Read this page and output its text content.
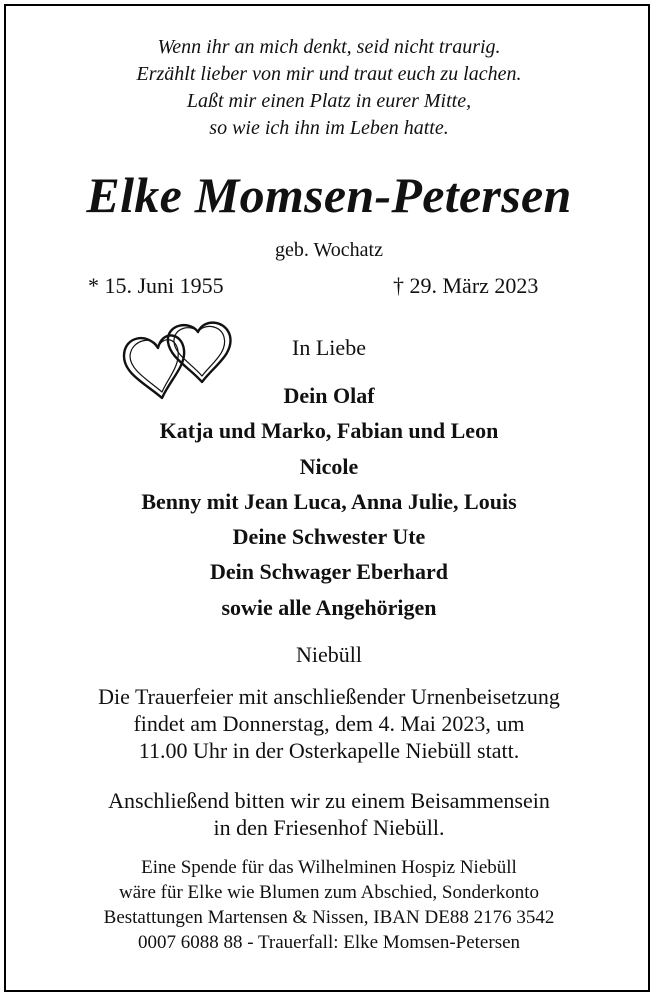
Wenn ihr an mich denkt, seid nicht traurig.
Erzählt lieber von mir und traut euch zu lachen.
Laßt mir einen Platz in eurer Mitte,
so wie ich ihn im Leben hatte.
Elke Momsen-Petersen
geb. Wochatz
* 15. Juni 1955	† 29. März 2023
In Liebe
Dein Olaf
Katja und Marko, Fabian und Leon
Nicole
Benny mit Jean Luca, Anna Julie, Louis
Deine Schwester Ute
Dein Schwager Eberhard
sowie alle Angehörigen
Niebüll
Die Trauerfeier mit anschließender Urnenbeisetzung
findet am Donnerstag, dem 4. Mai 2023, um
11.00 Uhr in der Osterkapelle Niebüll statt.
Anschließend bitten wir zu einem Beisammensein
in den Friesenhof Niebüll.
Eine Spende für das Wilhelminen Hospiz Niebüll
wäre für Elke wie Blumen zum Abschied, Sonderkonto
Bestattungen Martensen & Nissen, IBAN DE88 2176 3542
0007 6088 88 - Trauerfall: Elke Momsen-Petersen
